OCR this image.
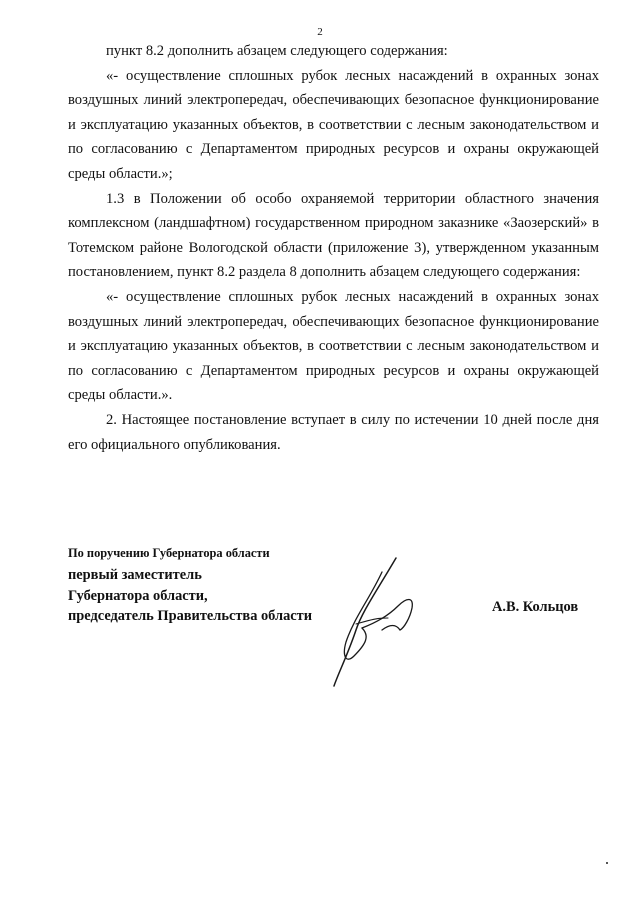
2

пункт 8.2 дополнить абзацем следующего содержания:

«- осуществление сплошных рубок лесных насаждений в охранных зонах воздушных линий электропередач, обеспечивающих безопасное функционирование и эксплуатацию указанных объектов, в соответствии с лесным законодательством и по согласованию с Департаментом природных ресурсов и охраны окружающей среды области.»;

1.3 в Положении об особо охраняемой территории областного значения комплексном (ландшафтном) государственном природном заказнике «Заозерский» в Тотемском районе Вологодской области (приложение 3), утвержденном указанным постановлением, пункт 8.2 раздела 8 дополнить абзацем следующего содержания:

«- осуществление сплошных рубок лесных насаждений в охранных зонах воздушных линий электропередач, обеспечивающих безопасное функционирование и эксплуатацию указанных объектов, в соответствии с лесным законодательством и по согласованию с Департаментом природных ресурсов и охраны окружающей среды области.».

2. Настоящее постановление вступает в силу по истечении 10 дней после дня его официального опубликования.

По поручению Губернатора области
первый заместитель
Губернатора области,
председатель Правительства области
А.В. Кольцов
